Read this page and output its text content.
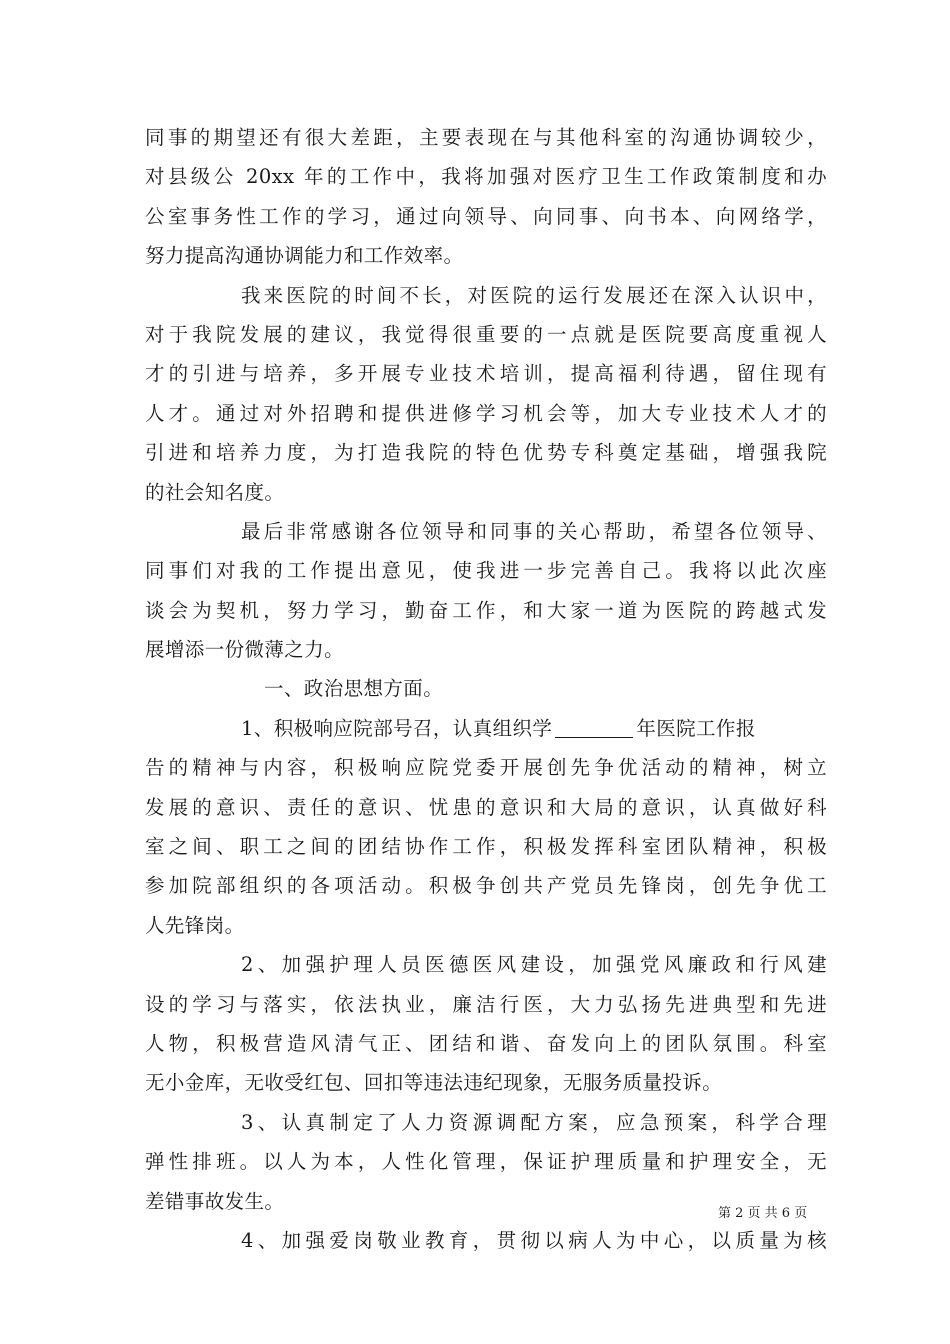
同事的期望还有很大差距，主要表现在与其他科室的沟通协调较少，
对县级公 20xx 年的工作中，我将加强对医疗卫生工作政策制度和办
公室事务性工作的学习，通过向领导、向同事、向书本、向网络学，
努力提高沟通协调能力和工作效率。
我来医院的时间不长，对医院的运行发展还在深入认识中，
对于我院发展的建议，我觉得很重要的一点就是医院要高度重视人
才的引进与培养，多开展专业技术培训，提高福利待遇，留住现有
人才。通过对外招聘和提供进修学习机会等，加大专业技术人才的
引进和培养力度，为打造我院的特色优势专科奠定基础，增强我院
的社会知名度。
最后非常感谢各位领导和同事的关心帮助，希望各位领导、
同事们对我的工作提出意见，使我进一步完善自己。我将以此次座
谈会为契机，努力学习，勤奋工作，和大家一道为医院的跨越式发
展增添一份微薄之力。
一、政治思想方面。
1、积极响应院部号召，认真组织学	年医院工作报
告的精神与内容，积极响应院党委开展创先争优活动的精神，树立
发展的意识、责任的意识、忧患的意识和大局的意识，认真做好科
室之间、职工之间的团结协作工作，积极发挥科室团队精神，积极
参加院部组织的各项活动。积极争创共产党员先锋岗，创先争优工
人先锋岗。
2、加强护理人员医德医风建设，加强党风廉政和行风建
设的学习与落实，依法执业，廉洁行医，大力弘扬先进典型和先进
人物，积极营造风清气正、团结和谐、奋发向上的团队氛围。科室
无小金库，无收受红包、回扣等违法违纪现象，无服务质量投诉。
3、认真制定了人力资源调配方案，应急预案，科学合理
弹性排班。以人为本，人性化管理，保证护理质量和护理安全，无
差错事故发生。
4、加强爱岗敬业教育，贯彻以病人为中心，以质量为核
第 2 页 共 6 页
